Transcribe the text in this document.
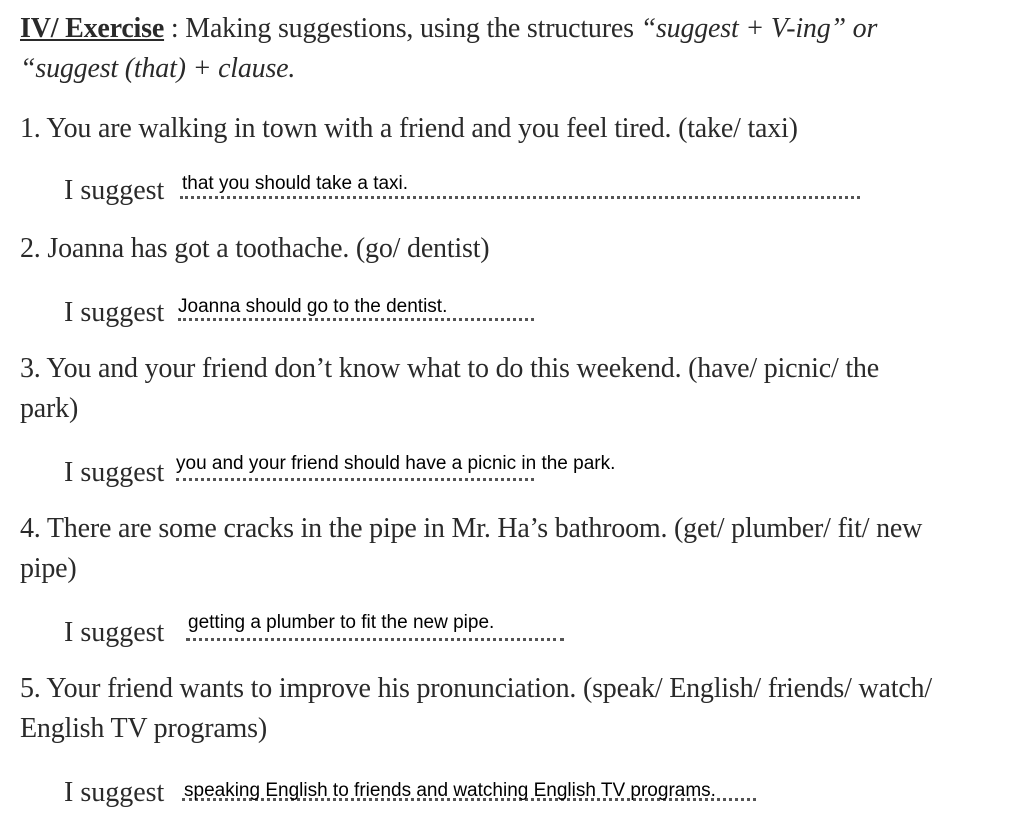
IV/ Exercise : Making suggestions, using the structures “suggest + V-ing” or
“suggest (that) + clause.
1. You are walking in town with a friend and you feel tired. (take/ taxi)
I suggest that you should take a taxi.
2. Joanna has got a toothache. (go/ dentist)
I suggest Joanna should go to the dentist.
3. You and your friend don’t know what to do this weekend. (have/ picnic/ the
park)
I suggest you and your friend should have a picnic in the park.
4. There are some cracks in the pipe in Mr. Ha’s bathroom. (get/ plumber/ fit/ new
pipe)
I suggest getting a plumber to fit the new pipe.
5. Your friend wants to improve his pronunciation. (speak/ English/ friends/ watch/
English TV programs)
I suggest speaking English to friends and watching English TV programs.
